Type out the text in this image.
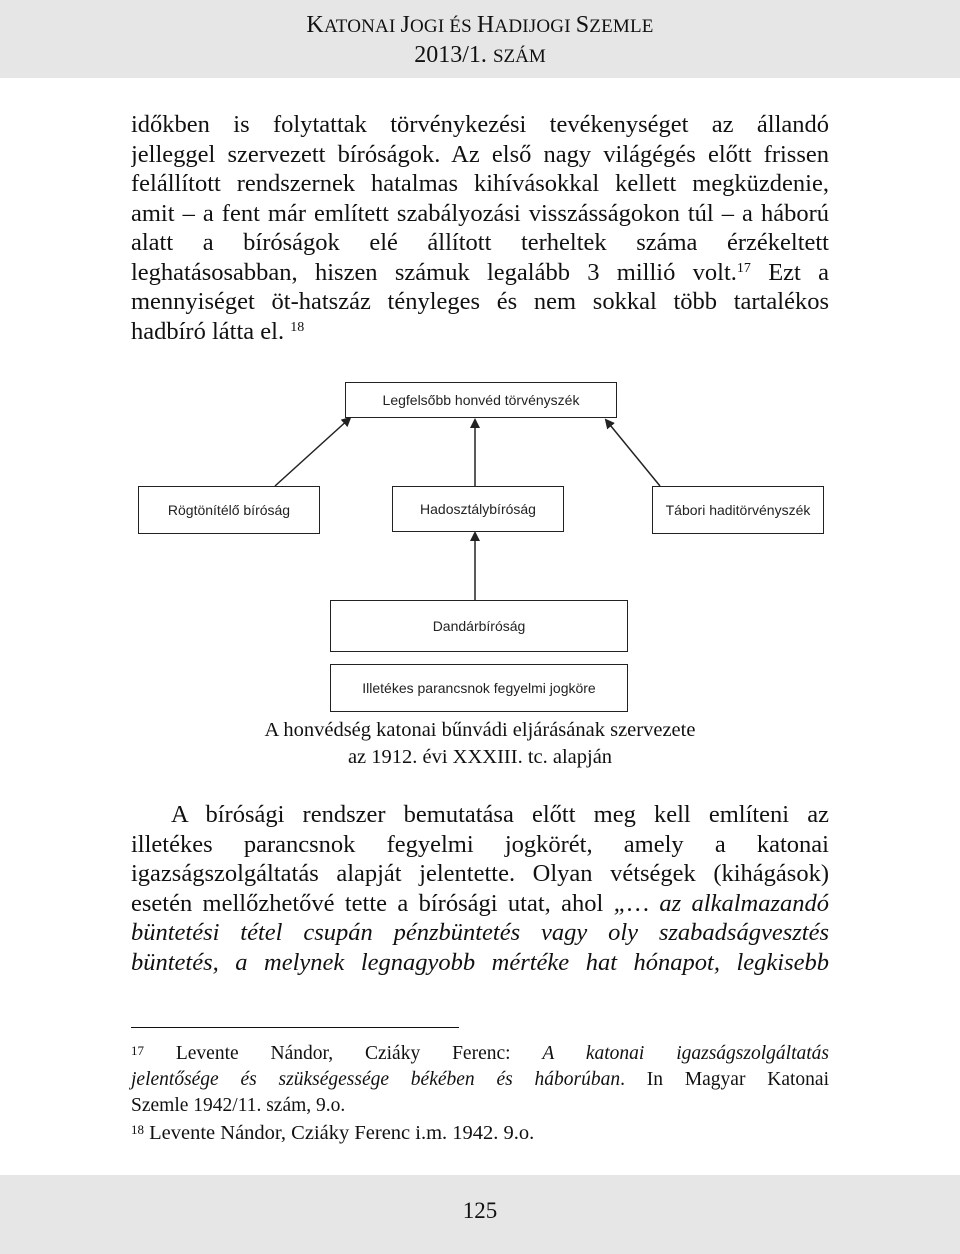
KATONAI JOGI ÉS HADIJOGI SZEMLE
2013/1. SZÁM
időkben is folytattak törvénykezési tevékenységet az állandó
jelleggel szervezett bíróságok. Az első nagy világégés előtt frissen
felállított rendszernek hatalmas kihívásokkal kellett megküzdenie,
amit – a fent már említett szabályozási visszásságokon túl – a háború
alatt a bíróságok elé állított terheltek száma érzékeltett
leghatásosabban, hiszen számuk legalább 3 millió volt.$^{17}$ Ezt a
mennyiséget öt-hatszáz tényleges és nem sokkal több tartalékos
hadbíró látta el. $^{18}$
Legfelsőbb honvéd törvényszék
Rögtönítélő bíróság	Hadosztálybíróság	Tábori haditörvényszék
Dandárbíróság
Illetékes parancsnok fegyelmi jogköre
A honvédség katonai bűnvádi eljárásának szervezete
az 1912. évi XXXIII. tc. alapján
A bírósági rendszer bemutatása előtt meg kell említeni az
illetékes parancsnok fegyelmi jogkörét, amely a katonai
igazságszolgáltatás alapját jelentette. Olyan vétségek (kihágások)
esetén mellőzhetővé tette a bírósági utat, ahol „… az alkalmazandó
büntetési tétel csupán pénzbüntetés vagy oly szabadságvesztés
büntetés, a melynek legnagyobb mértéke hat hónapot, legkisebb
$^{17}$ Levente Nándor, Cziáky Ferenc: A katonai igazságszolgáltatás
jelentősége és szükségessége békében és háborúban. In Magyar Katonai
Szemle 1942/11. szám, 9.o.
$^{18}$ Levente Nándor, Cziáky Ferenc i.m. 1942. 9.o.
125
